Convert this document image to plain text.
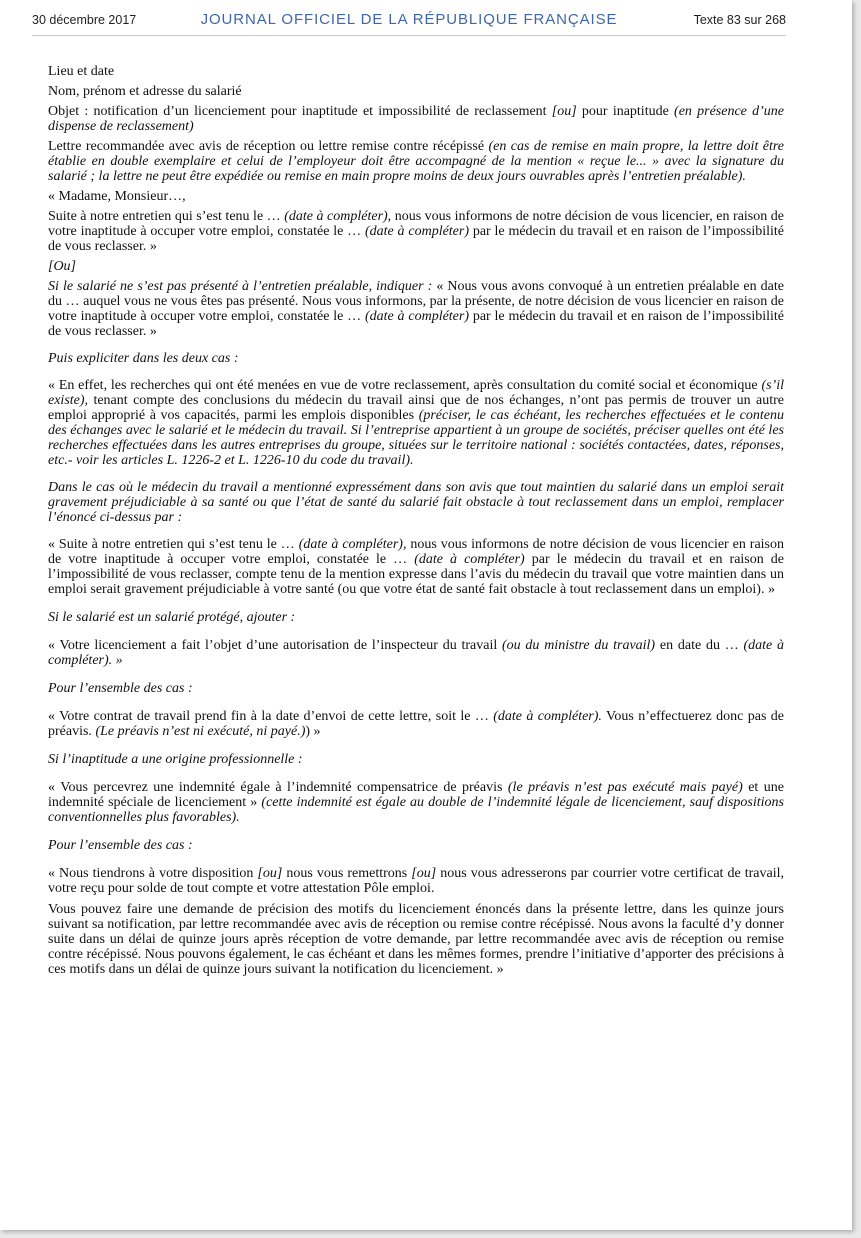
30 décembre 2017	JOURNAL OFFICIEL DE LA RÉPUBLIQUE FRANÇAISE	Texte 83 sur 268

Lieu et date

Nom, prénom et adresse du salarié

Objet : notification d’un licenciement pour inaptitude et impossibilité de reclassement [ou] pour inaptitude (en présence d’une dispense de reclassement)

Lettre recommandée avec avis de réception ou lettre remise contre récépissé (en cas de remise en main propre, la lettre doit être établie en double exemplaire et celui de l’employeur doit être accompagné de la mention « reçue le... » avec la signature du salarié ; la lettre ne peut être expédiée ou remise en main propre moins de deux jours ouvrables après l’entretien préalable).

« Madame, Monsieur…,

Suite à notre entretien qui s’est tenu le … (date à compléter), nous vous informons de notre décision de vous licencier, en raison de votre inaptitude à occuper votre emploi, constatée le … (date à compléter) par le médecin du travail et en raison de l’impossibilité de vous reclasser. »

[Ou]

Si le salarié ne s’est pas présenté à l’entretien préalable, indiquer : « Nous vous avons convoqué à un entretien préalable en date du … auquel vous ne vous êtes pas présenté. Nous vous informons, par la présente, de notre décision de vous licencier en raison de votre inaptitude à occuper votre emploi, constatée le … (date à compléter) par le médecin du travail et en raison de l’impossibilité de vous reclasser. »

Puis expliciter dans les deux cas :

« En effet, les recherches qui ont été menées en vue de votre reclassement, après consultation du comité social et économique (s’il existe), tenant compte des conclusions du médecin du travail ainsi que de nos échanges, n’ont pas permis de trouver un autre emploi approprié à vos capacités, parmi les emplois disponibles (préciser, le cas échéant, les recherches effectuées et le contenu des échanges avec le salarié et le médecin du travail. Si l’entreprise appartient à un groupe de sociétés, préciser quelles ont été les recherches effectuées dans les autres entreprises du groupe, situées sur le territoire national : sociétés contactées, dates, réponses, etc.- voir les articles L. 1226-2 et L. 1226-10 du code du travail).

Dans le cas où le médecin du travail a mentionné expressément dans son avis que tout maintien du salarié dans un emploi serait gravement préjudiciable à sa santé ou que l’état de santé du salarié fait obstacle à tout reclassement dans un emploi, remplacer l’énoncé ci-dessus par :

« Suite à notre entretien qui s’est tenu le … (date à compléter), nous vous informons de notre décision de vous licencier en raison de votre inaptitude à occuper votre emploi, constatée le … (date à compléter) par le médecin du travail et en raison de l’impossibilité de vous reclasser, compte tenu de la mention expresse dans l’avis du médecin du travail que votre maintien dans un emploi serait gravement préjudiciable à votre santé (ou que votre état de santé fait obstacle à tout reclassement dans un emploi). »

Si le salarié est un salarié protégé, ajouter :

« Votre licenciement a fait l’objet d’une autorisation de l’inspecteur du travail (ou du ministre du travail) en date du … (date à compléter). »

Pour l’ensemble des cas :

« Votre contrat de travail prend fin à la date d’envoi de cette lettre, soit le … (date à compléter). Vous n’effectuerez donc pas de préavis. (Le préavis n’est ni exécuté, ni payé.)) »

Si l’inaptitude a une origine professionnelle :

« Vous percevrez une indemnité égale à l’indemnité compensatrice de préavis (le préavis n’est pas exécuté mais payé) et une indemnité spéciale de licenciement » (cette indemnité est égale au double de l’indemnité légale de licenciement, sauf dispositions conventionnelles plus favorables).

Pour l’ensemble des cas :

« Nous tiendrons à votre disposition [ou] nous vous remettrons [ou] nous vous adresserons par courrier votre certificat de travail, votre reçu pour solde de tout compte et votre attestation Pôle emploi.

Vous pouvez faire une demande de précision des motifs du licenciement énoncés dans la présente lettre, dans les quinze jours suivant sa notification, par lettre recommandée avec avis de réception ou remise contre récépissé. Nous avons la faculté d’y donner suite dans un délai de quinze jours après réception de votre demande, par lettre recommandée avec avis de réception ou remise contre récépissé. Nous pouvons également, le cas échéant et dans les mêmes formes, prendre l’initiative d’apporter des précisions à ces motifs dans un délai de quinze jours suivant la notification du licenciement. »
